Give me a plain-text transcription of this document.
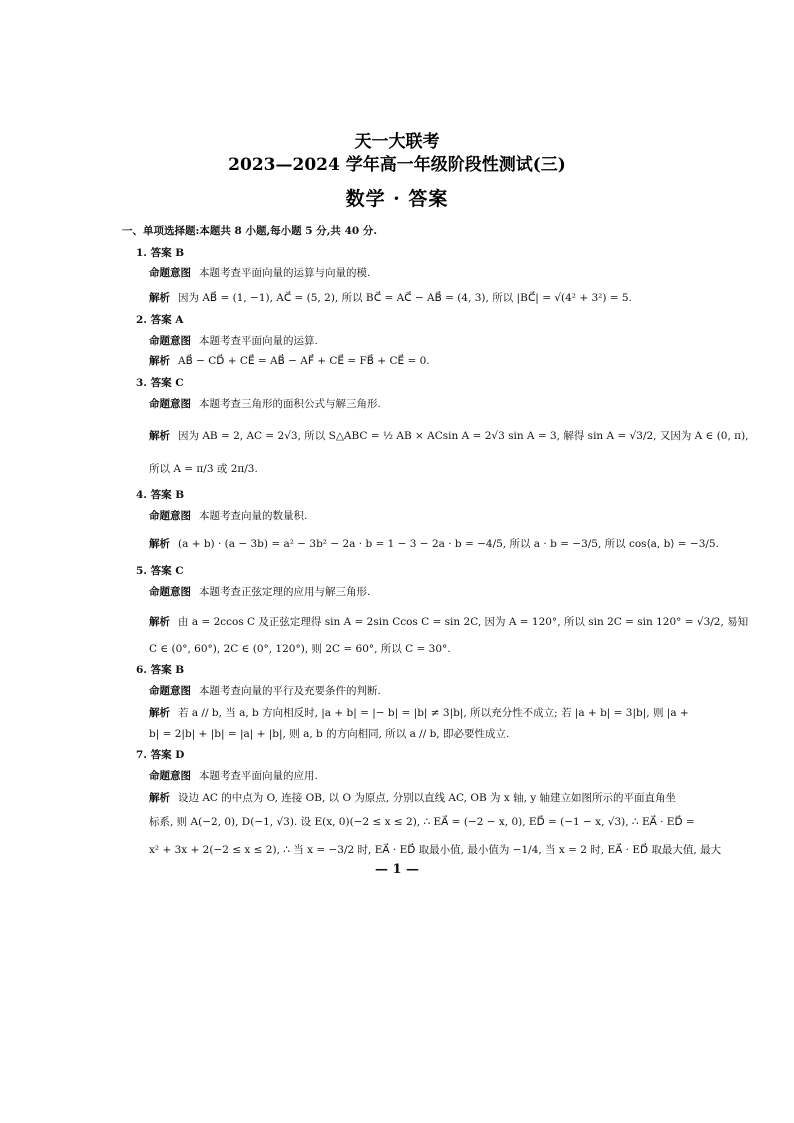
天一大联考
2023—2024 学年高一年级阶段性测试(三)
数学 · 答案
一、单项选择题:本题共 8 小题,每小题 5 分,共 40 分.
1. 答案 B
命题意图 本题考查平面向量的运算与向量的模.
解析 因为 AB⃗ = (1, −1), AC⃗ = (5, 2), 所以 BC⃗ = AC⃗ − AB⃗ = (4, 3), 所以 |BC⃗| = √(4² + 3²) = 5.
2. 答案 A
命题意图 本题考查平面向量的运算.
解析 AB⃗ − CD⃗ + CE⃗ = AB⃗ − AF⃗ + CE⃗ = FB⃗ + CE⃗ = 0.
3. 答案 C
命题意图 本题考查三角形的面积公式与解三角形.
解析 因为 AB = 2, AC = 2√3, 所以 S△ABC = ½ AB × ACsin A = 2√3 sin A = 3, 解得 sin A = √3/2, 又因为 A ∈ (0, π),
所以 A = π/3 或 2π/3.
4. 答案 B
命题意图 本题考查向量的数量积.
解析 (a + b) · (a − 3b) = a² − 3b² − 2a · b = 1 − 3 − 2a · b = −4/5, 所以 a · b = −3/5, 所以 cos⟨a, b⟩ = −3/5.
5. 答案 C
命题意图 本题考查正弦定理的应用与解三角形.
解析 由 a = 2ccos C 及正弦定理得 sin A = 2sin Ccos C = sin 2C, 因为 A = 120°, 所以 sin 2C = sin 120° = √3/2, 易知
C ∈ (0°, 60°), 2C ∈ (0°, 120°), 则 2C = 60°, 所以 C = 30°.
6. 答案 B
命题意图 本题考查向量的平行及充要条件的判断.
解析 若 a // b, 当 a, b 方向相反时, |a + b| = |− b| = |b| ≠ 3|b|, 所以充分性不成立; 若 |a + b| = 3|b|, 则 |a +
b| = 2|b| + |b| = |a| + |b|, 则 a, b 的方向相同, 所以 a // b, 即必要性成立.
7. 答案 D
命题意图 本题考查平面向量的应用.
解析 设边 AC 的中点为 O, 连接 OB, 以 O 为原点, 分别以直线 AC, OB 为 x 轴, y 轴建立如图所示的平面直角坐
标系, 则 A(−2, 0), D(−1, √3). 设 E(x, 0)(−2 ≤ x ≤ 2), ∴ EA⃗ = (−2 − x, 0), ED⃗ = (−1 − x, √3), ∴ EA⃗ · ED⃗ =
x² + 3x + 2(−2 ≤ x ≤ 2), ∴ 当 x = −3/2 时, EA⃗ · ED⃗ 取最小值, 最小值为 −1/4, 当 x = 2 时, EA⃗ · ED⃗ 取最大值, 最大
— 1 —
